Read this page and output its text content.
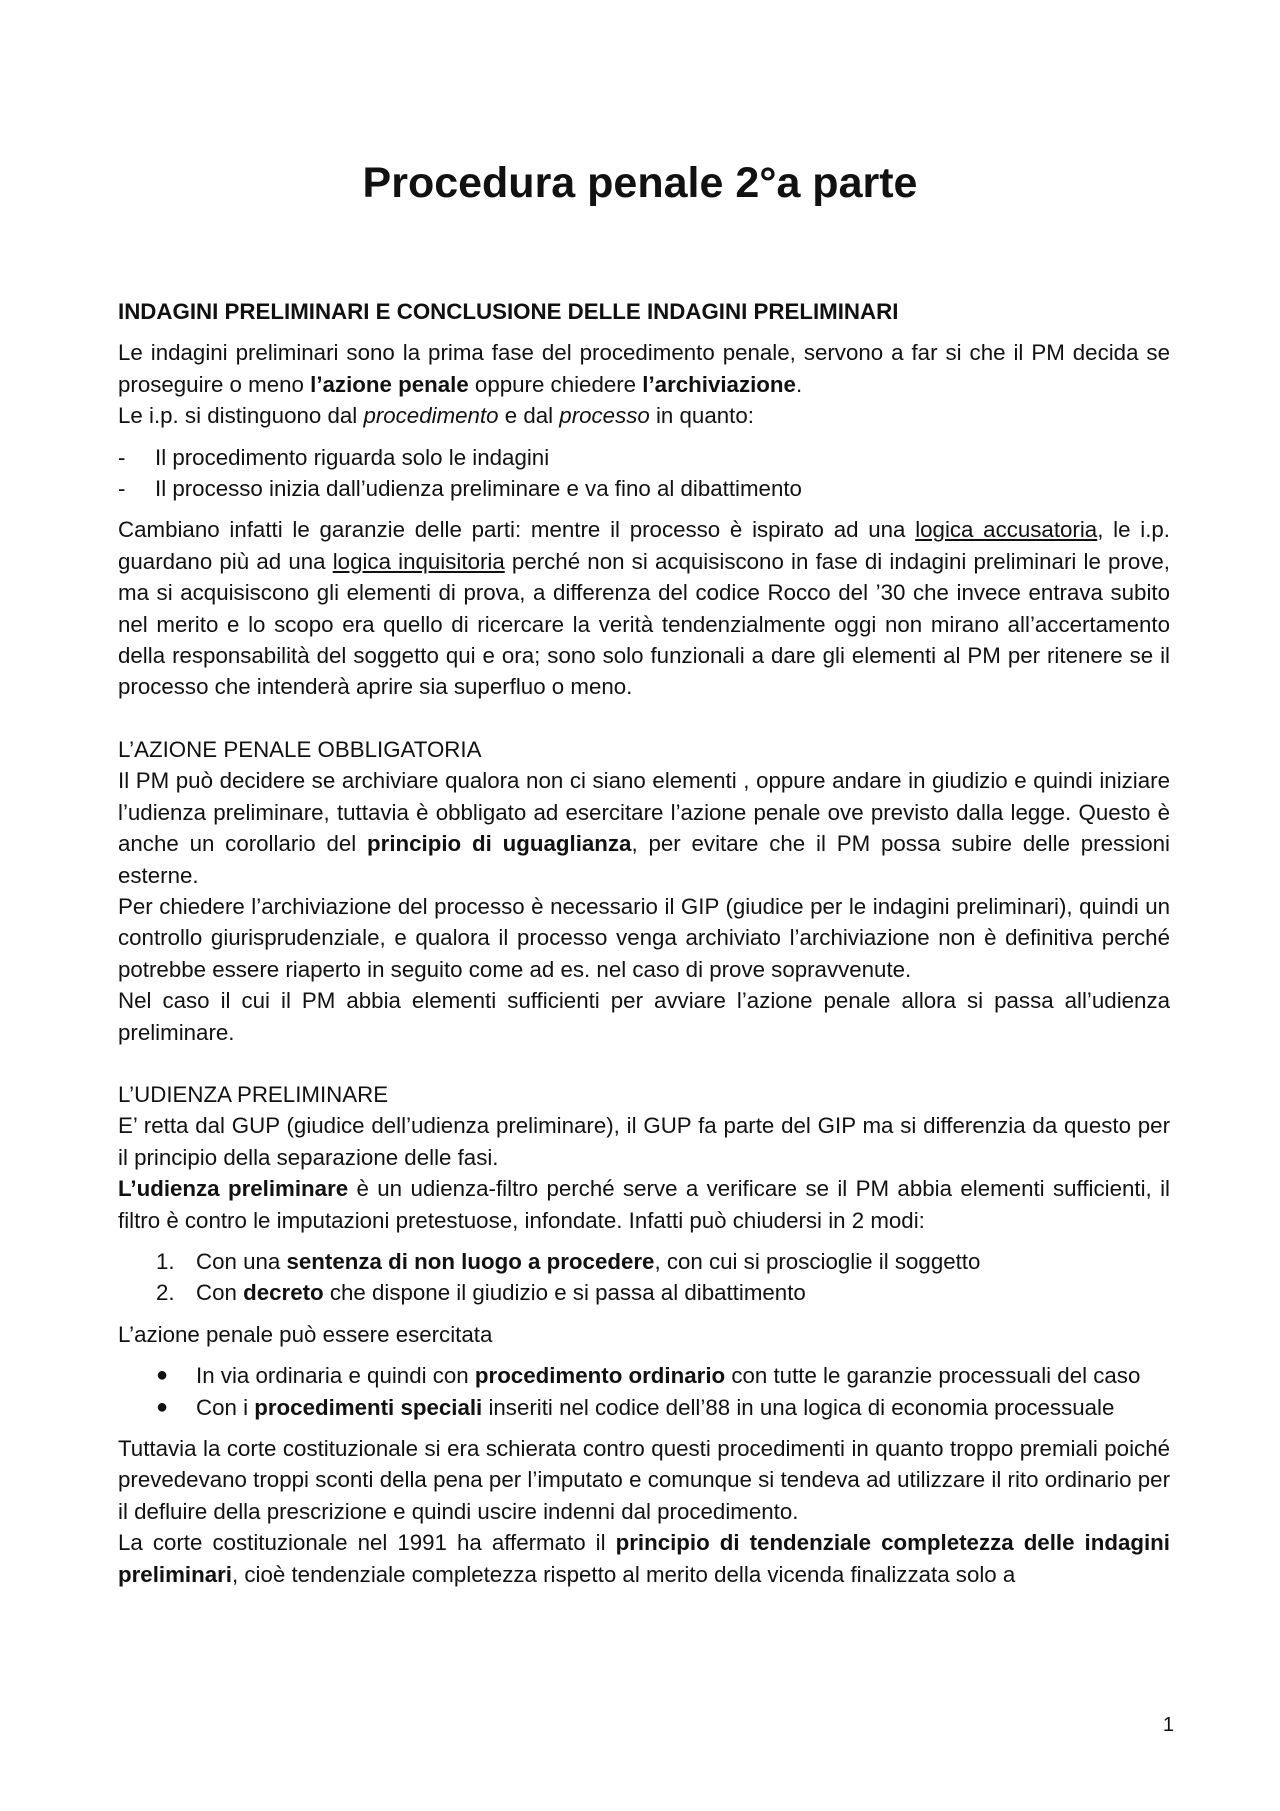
Procedura penale 2°a parte

INDAGINI PRELIMINARI E CONCLUSIONE DELLE INDAGINI PRELIMINARI

Le indagini preliminari sono la prima fase del procedimento penale, servono a far si che il PM decida se proseguire o meno l’azione penale oppure chiedere l’archiviazione.

Le i.p. si distinguono dal procedimento e dal processo in quanto:

- Il procedimento riguarda solo le indagini
- Il processo inizia dall’udienza preliminare e va fino al dibattimento

Cambiano infatti le garanzie delle parti: mentre il processo è ispirato ad una logica accusatoria, le i.p. guardano più ad una logica inquisitoria perché non si acquisiscono in fase di indagini preliminari le prove, ma si acquisiscono gli elementi di prova, a differenza del codice Rocco del ’30 che invece entrava subito nel merito e lo scopo era quello di ricercare la verità tendenzialmente oggi non mirano all’accertamento della responsabilità del soggetto qui e ora; sono solo funzionali a dare gli elementi al PM per ritenere se il processo che intenderà aprire sia superfluo o meno.

L’AZIONE PENALE OBBLIGATORIA

Il PM può decidere se archiviare qualora non ci siano elementi , oppure andare in giudizio e quindi iniziare l’udienza preliminare, tuttavia è obbligato ad esercitare l’azione penale ove previsto dalla legge. Questo è anche un corollario del principio di uguaglianza, per evitare che il PM possa subire delle pressioni esterne.

Per chiedere l’archiviazione del processo è necessario il GIP (giudice per le indagini preliminari), quindi un controllo giurisprudenziale, e qualora il processo venga archiviato l’archiviazione non è definitiva perché potrebbe essere riaperto in seguito come ad es. nel caso di prove sopravvenute.

Nel caso il cui il PM abbia elementi sufficienti per avviare l’azione penale allora si passa all’udienza preliminare.

L’UDIENZA PRELIMINARE

E’ retta dal GUP (giudice dell’udienza preliminare), il GUP fa parte del GIP ma si differenzia da questo per il principio della separazione delle fasi.

L’udienza preliminare è un udienza-filtro perché serve a verificare se il PM abbia elementi sufficienti, il filtro è contro le imputazioni pretestuose, infondate. Infatti può chiudersi in 2 modi:

1. Con una sentenza di non luogo a procedere, con cui si proscioglie il soggetto
2. Con decreto che dispone il giudizio e si passa al dibattimento

L’azione penale può essere esercitata

● In via ordinaria e quindi con procedimento ordinario con tutte le garanzie processuali del caso
● Con i procedimenti speciali inseriti nel codice dell’88 in una logica di economia processuale

Tuttavia la corte costituzionale si era schierata contro questi procedimenti in quanto troppo premiali poiché prevedevano troppi sconti della pena per l’imputato e comunque si tendeva ad utilizzare il rito ordinario per il defluire della prescrizione e quindi uscire indenni dal procedimento.

La corte costituzionale nel 1991 ha affermato il principio di tendenziale completezza delle indagini preliminari, cioè tendenziale completezza rispetto al merito della vicenda finalizzata solo a

1
